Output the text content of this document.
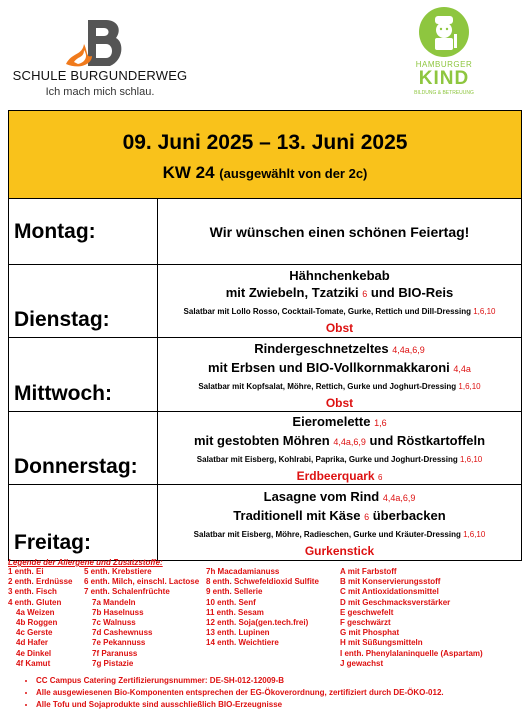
SCHULE BURGUNDERWEG
Ich mach mich schlau.
HAMBURGER
KIND
BILDUNG & BETREUUNG
09. Juni 2025 – 13. Juni 2025
KW 24 (ausgewählt von der 2c)	

Montag:	Wir wünschen einen schönen Feiertag!

Dienstag:	Hähnchenkebab
mit Zwiebeln, Tzatziki 6 und BIO-Reis
Salatbar mit Lollo Rosso, Cocktail-Tomate, Gurke, Rettich und Dill-Dressing 1,6,10
Obst

Mittwoch:	Rindergeschnetzeltes 4,4a,6,9
mit Erbsen und BIO-Vollkornmakkaroni 4,4a
Salatbar mit Kopfsalat, Möhre, Rettich, Gurke und Joghurt-Dressing 1,6,10
Obst

Donnerstag:	Eieromelette 1,6
mit gestobten Möhren 4,4a,6,9 und Röstkartoffeln
Salatbar mit Eisberg, Kohlrabi, Paprika, Gurke und Joghurt-Dressing 1,6,10
Erdbeerquark 6

Freitag:	Lasagne vom Rind 4,4a,6,9
Traditionell mit Käse 6 überbacken
Salatbar mit Eisberg, Möhre, Radieschen, Gurke und Kräuter-Dressing 1,6,10
Gurkenstick
Legende der Allergene und Zusatzstoffe:
1 enth. Ei
2 enth. Erdnüsse
3 enth. Fisch
4 enth. Gluten
4a Weizen
4b Roggen
4c Gerste
4d Hafer
4e Dinkel
4f Kamut
5 enth. Krebstiere
6 enth. Milch, einschl. Lactose
7 enth. Schalenfrüchte
7a Mandeln
7b Haselnuss
7c Walnuss
7d Cashewnuss
7e Pekannuss
7f Paranuss
7g Pistazie
7h Macadamianuss
8 enth. Schwefeldioxid Sulfite
9 enth. Sellerie
10 enth. Senf
11 enth. Sesam
12 enth. Soja(gen.tech.frei)
13 enth. Lupinen
14 enth. Weichtiere
A mit Farbstoff
B mit Konservierungsstoff
C mit Antioxidationsmittel
D mit Geschmacksverstärker
E geschwefelt
F geschwärzt
G mit Phosphat
H mit Süßungsmitteln
I enth. Phenylalaninquelle (Aspartam)
J gewachst
• CC Campus Catering Zertifizierungsnummer: DE-SH-012-12009-B
• Alle ausgewiesenen Bio-Komponenten entsprechen der EG-Ökoverordnung, zertifiziert durch DE-ÖKO-012.
• Alle Tofu und Sojaprodukte sind ausschließlich BIO-Erzeugnisse
